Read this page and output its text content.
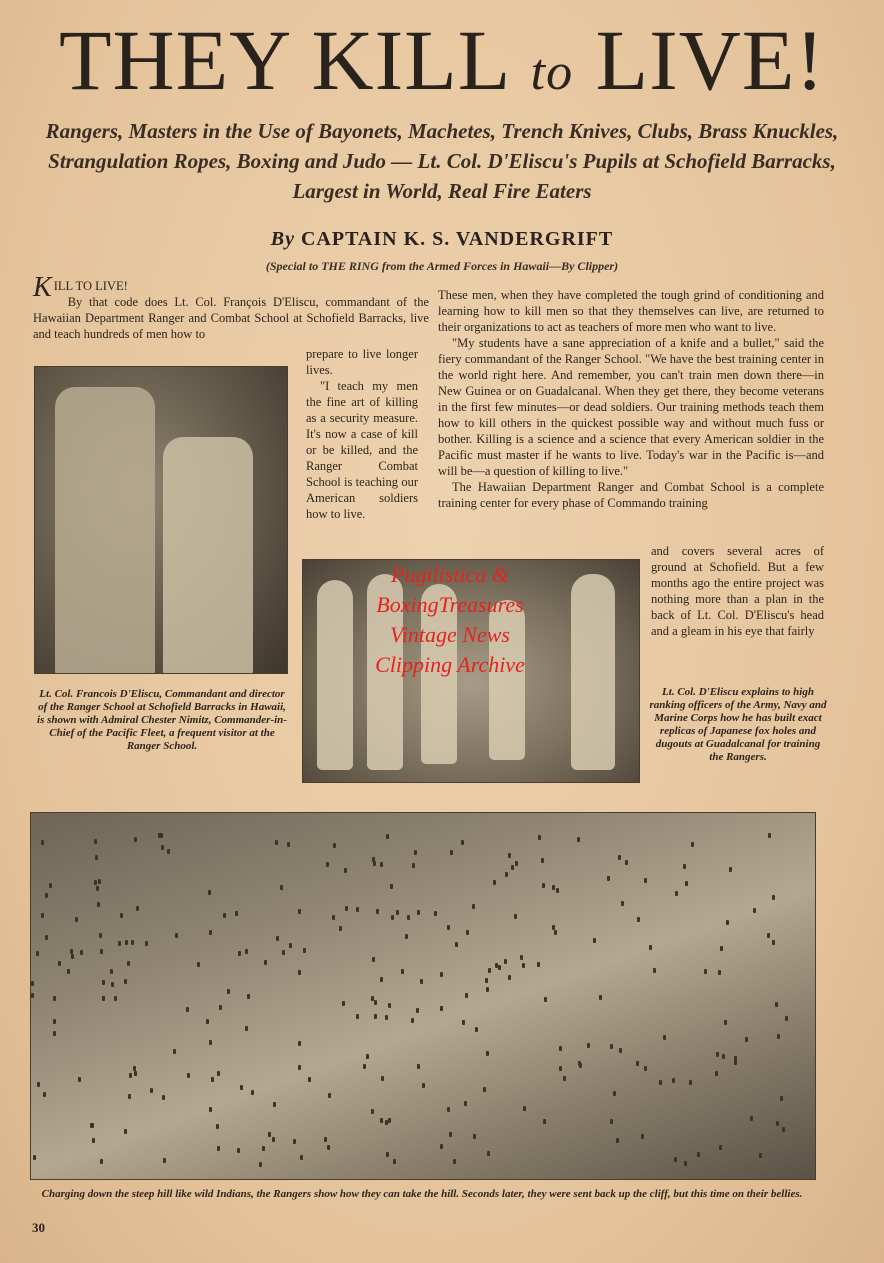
THEY KILL to LIVE!
Rangers, Masters in the Use of Bayonets, Machetes, Trench Knives, Clubs, Brass Knuckles, Strangulation Ropes, Boxing and Judo — Lt. Col. D'Eliscu's Pupils at Schofield Barracks, Largest in World, Real Fire Eaters
By CAPTAIN K. S. VANDERGRIFT
(Special to THE RING from the Armed Forces in Hawaii—By Clipper)

KILL TO LIVE!

By that code does Lt. Col. François D'Eliscu, commandant of the Hawaiian Department Ranger and Combat School at Schofield Barracks, live and teach hundreds of men how to

prepare to live longer lives.

"I teach my men the fine art of killing as a security measure. It's now a case of kill or be killed, and the Ranger Combat School is teaching our American soldiers how to live.

Lt. Col. Francois D'Eliscu, Commandant and director of the Ranger School at Schofield Barracks in Hawaii, is shown with Admiral Chester Nimitz, Commander-in-Chief of the Pacific Fleet, a frequent visitor at the Ranger School.

These men, when they have completed the tough grind of conditioning and learning how to kill men so that they themselves can live, are returned to their organizations to act as teachers of more men who want to live.

"My students have a sane appreciation of a knife and a bullet," said the fiery commandant of the Ranger School. "We have the best training center in the world right here. And remember, you can't train men down there—in New Guinea or on Guadalcanal. When they get there, they become veterans in the first few minutes—or dead soldiers. Our training methods teach them how to kill others in the quickest possible way and without much fuss or bother. Killing is a science and a science that every American soldier in the Pacific must master if he wants to live. Today's war in the Pacific is—and will be—a question of killing to live."

The Hawaiian Department Ranger and Combat School is a complete training center for every phase of Commando training

and covers several acres of ground at Schofield. But a few months ago the entire project was nothing more than a plan in the back of Lt. Col. D'Eliscu's head and a gleam in his eye that fairly

Lt. Col. D'Eliscu explains to high ranking officers of the Army, Navy and Marine Corps how he has built exact replicas of Japanese fox holes and dugouts at Guadalcanal for training the Rangers.
Pugilistica &
BoxingTreasures
Vintage News
Clipping Archive
Charging down the steep hill like wild Indians, the Rangers show how they can take the hill. Seconds later, they were sent back up the cliff, but this time on their bellies.
30
